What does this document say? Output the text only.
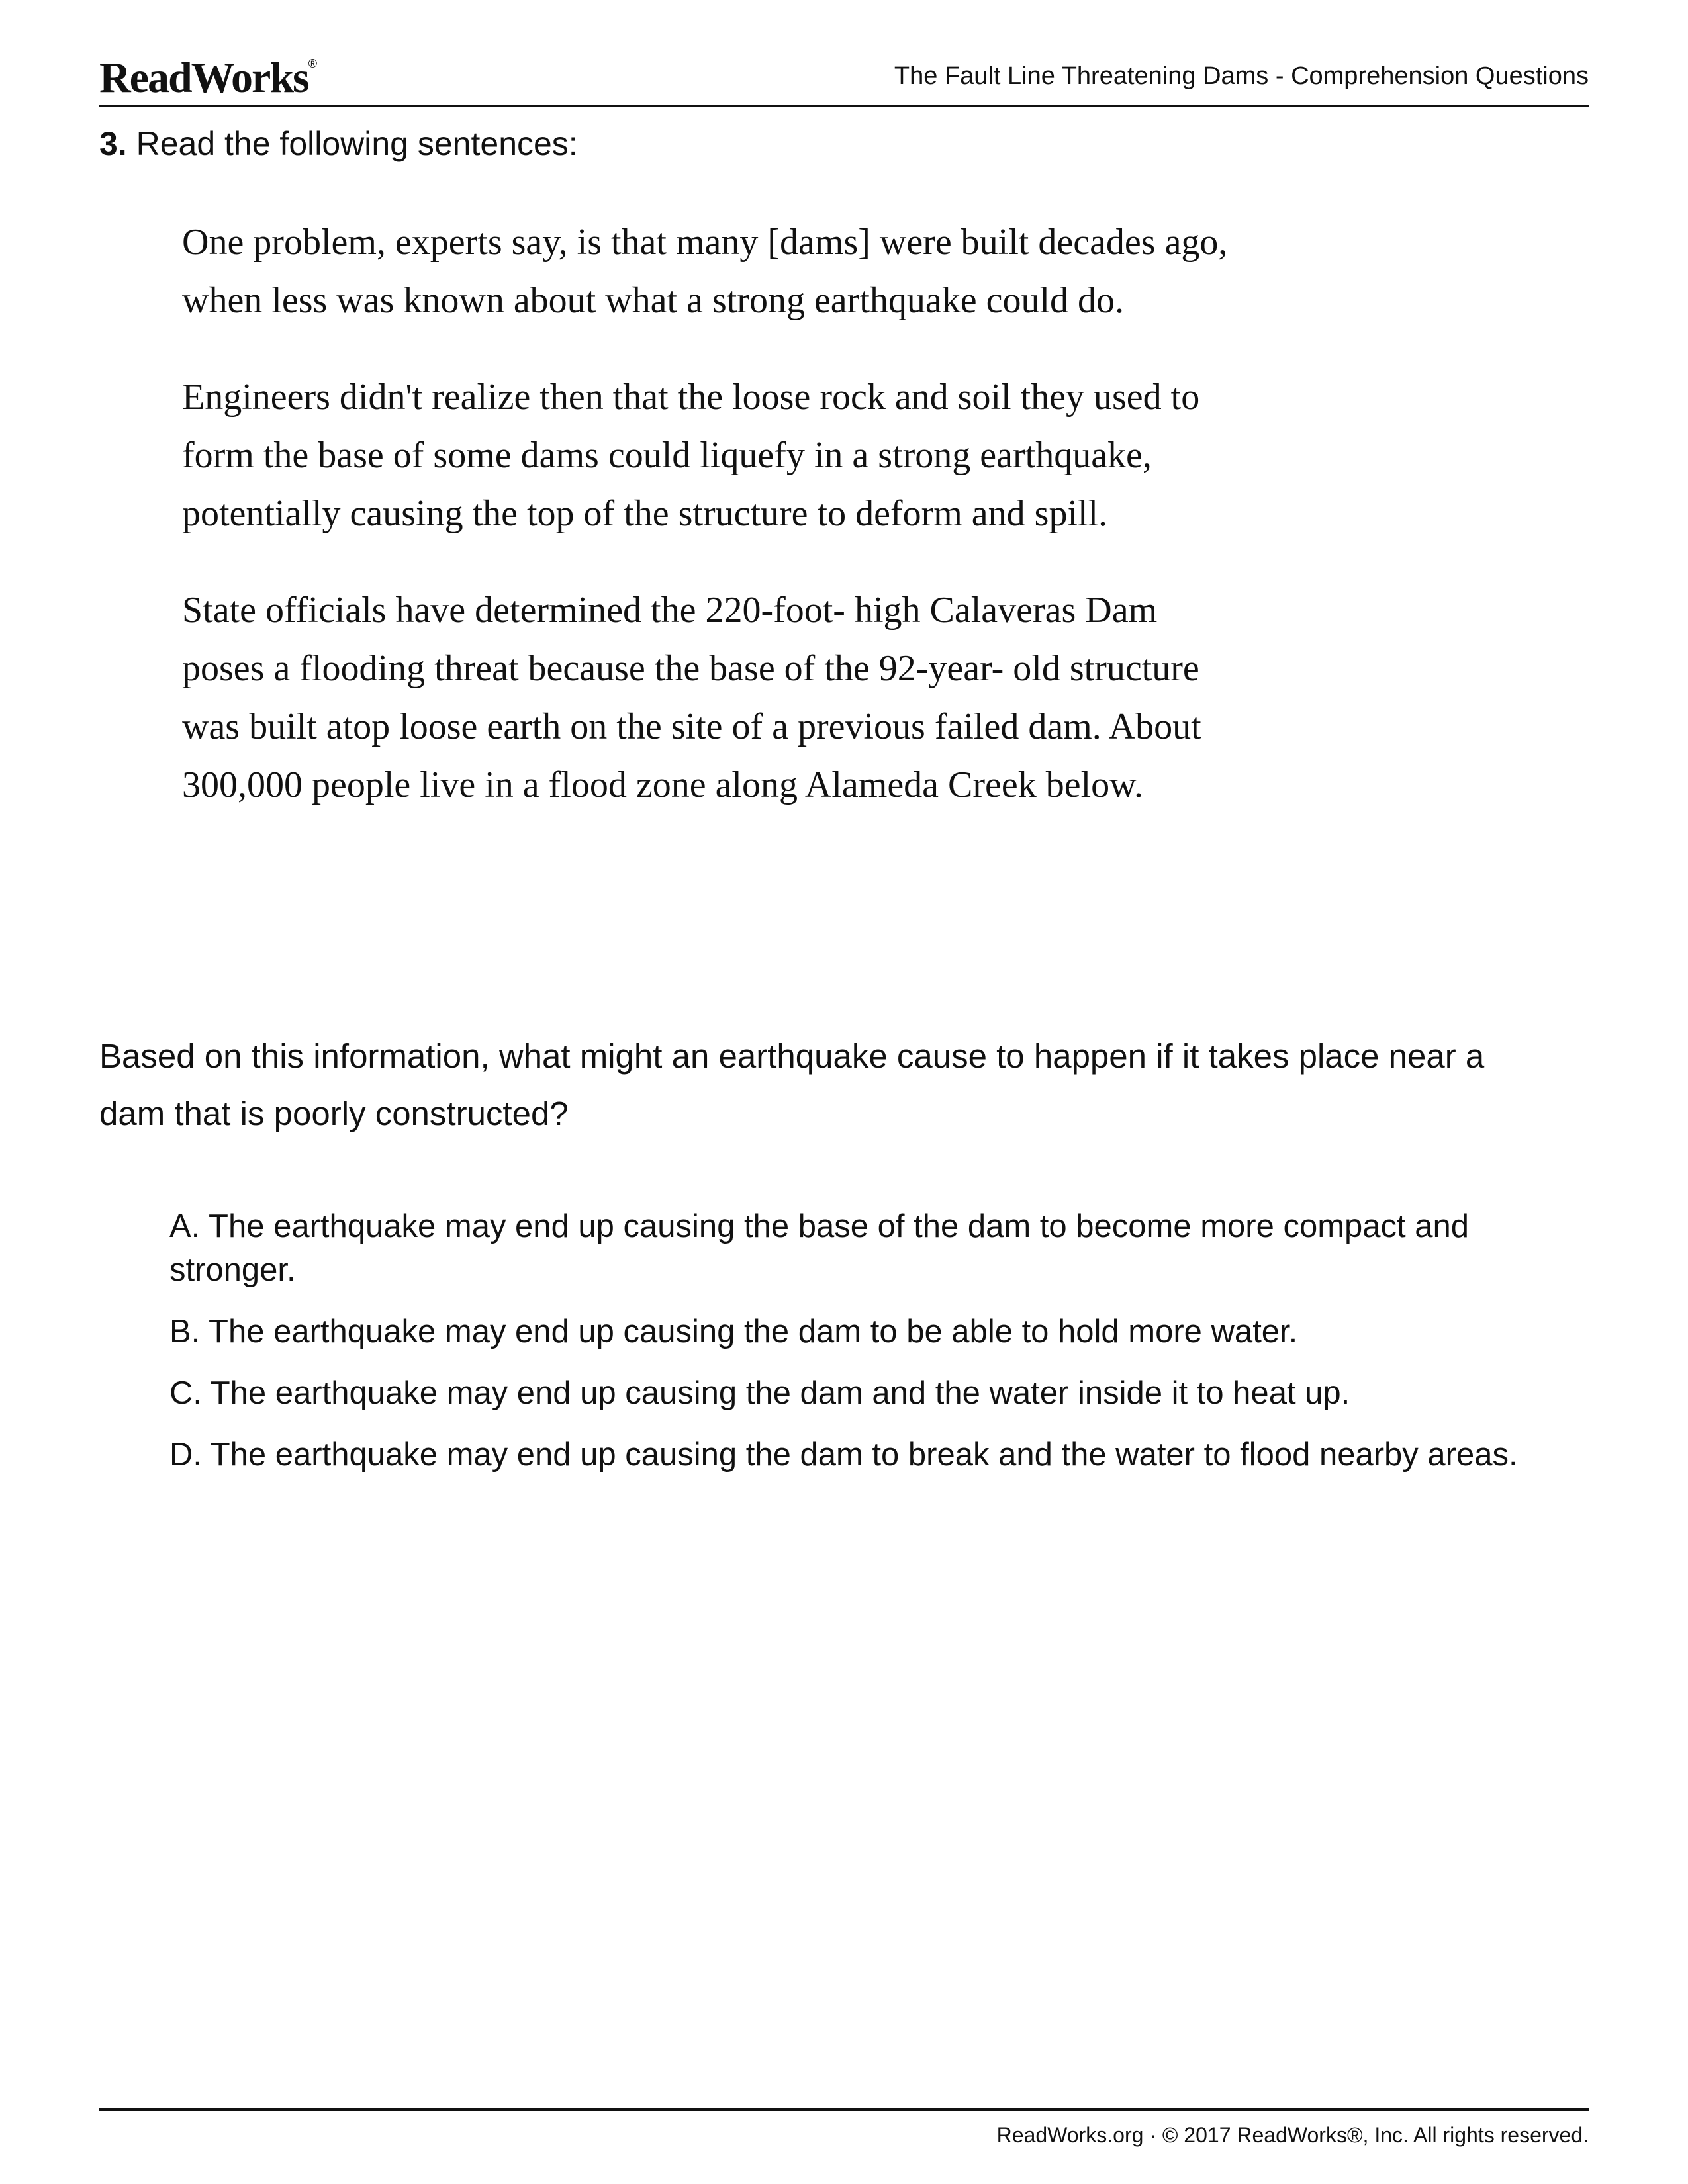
ReadWorks®	The Fault Line Threatening Dams - Comprehension Questions
3. Read the following sentences:

One problem, experts say, is that many [dams] were built decades ago, when less was known about what a strong earthquake could do.

Engineers didn't realize then that the loose rock and soil they used to form the base of some dams could liquefy in a strong earthquake, potentially causing the top of the structure to deform and spill.

State officials have determined the 220-foot- high Calaveras Dam poses a flooding threat because the base of the 92-year- old structure was built atop loose earth on the site of a previous failed dam. About 300,000 people live in a flood zone along Alameda Creek below.

Based on this information, what might an earthquake cause to happen if it takes place near a dam that is poorly constructed?
A. The earthquake may end up causing the base of the dam to become more compact and stronger.
B. The earthquake may end up causing the dam to be able to hold more water.
C. The earthquake may end up causing the dam and the water inside it to heat up.
D. The earthquake may end up causing the dam to break and the water to flood nearby areas.
ReadWorks.org · © 2017 ReadWorks®, Inc. All rights reserved.
